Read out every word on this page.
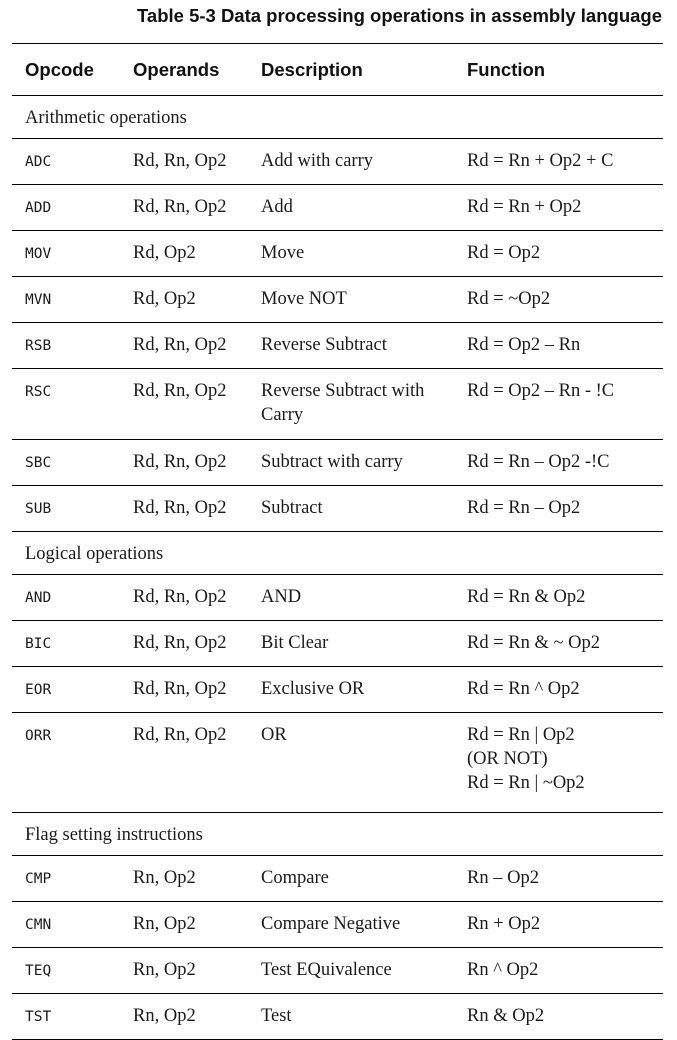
Table 5-3 Data processing operations in assembly language
Opcode	Operands	Description	Function
Arithmetic operations			
ADC	Rd, Rn, Op2	Add with carry	Rd = Rn + Op2 + C

ADD	Rd, Rn, Op2	Add	Rd = Rn + Op2

MOV	Rd, Op2	Move	Rd = Op2

MVN	Rd, Op2	Move NOT	Rd = ~Op2

RSB	Rd, Rn, Op2	Reverse Subtract	Rd = Op2 – Rn

RSC	Rd, Rn, Op2	Reverse Subtract with Carry	Rd = Op2 – Rn - !C

SBC	Rd, Rn, Op2	Subtract with carry	Rd = Rn – Op2 -!C

SUB	Rd, Rn, Op2	Subtract	Rd = Rn – Op2

Logical operations			
AND	Rd, Rn, Op2	AND	Rd = Rn & Op2

BIC	Rd, Rn, Op2	Bit Clear	Rd = Rn & ~ Op2

EOR	Rd, Rn, Op2	Exclusive OR	Rd = Rn ^ Op2

ORR	Rd, Rn, Op2	OR	Rd = Rn | Op2
(OR NOT)
Rd = Rn | ~Op2

Flag setting instructions			
CMP	Rn, Op2	Compare	Rn – Op2

CMN	Rn, Op2	Compare Negative	Rn + Op2

TEQ	Rn, Op2	Test EQuivalence	Rn ^ Op2

TST	Rn, Op2	Test	Rn & Op2
